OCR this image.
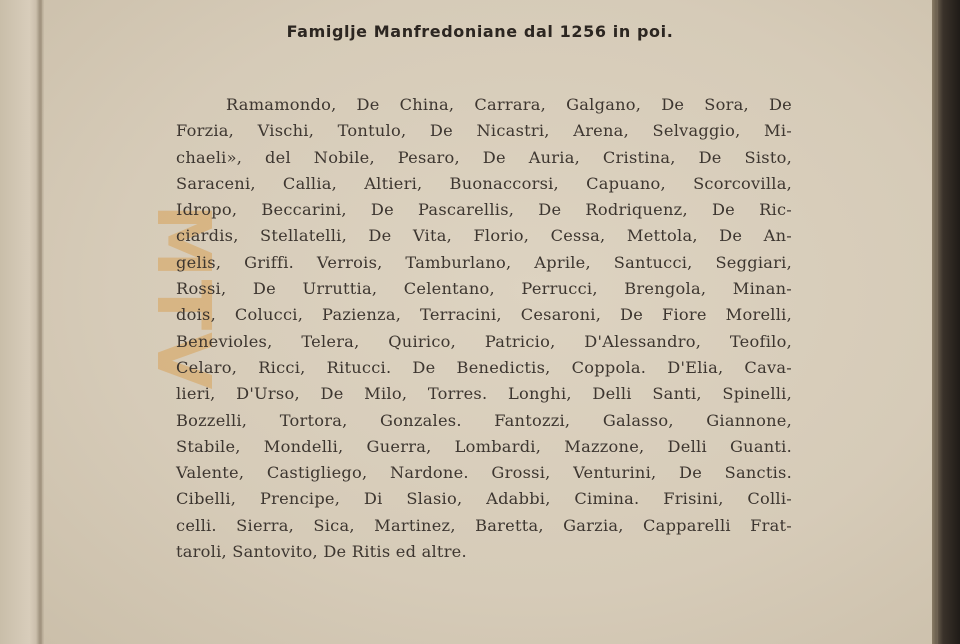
Famiglje Manfredoniane dal 1256 in poi.
MTV
Ramamondo, De China, Carrara, Galgano, De Sora, De
Forzia, Vischi, Tontulo, De Nicastri, Arena, Selvaggio, Mi-
chaeli», del Nobile, Pesaro, De Auria, Cristina, De Sisto,
Saraceni, Callia, Altieri, Buonaccorsi, Capuano, Scorcovilla,
Idropo, Beccarini, De Pascarellis, De Rodriquenz, De Ric-
ciardis, Stellatelli, De Vita, Florio, Cessa, Mettola, De An-
gelis, Griffi. Verrois, Tamburlano, Aprile, Santucci, Seggiari,
Rossi, De Urruttia, Celentano, Perrucci, Brengola, Minan-
dois, Colucci, Pazienza, Terracini, Cesaroni, De Fiore Morelli,
Benevioles, Telera, Quirico, Patricio, D'Alessandro, Teofilo,
Celaro, Ricci, Ritucci. De Benedictis, Coppola. D'Elia, Cava-
lieri, D'Urso, De Milo, Torres. Longhi, Delli Santi, Spinelli,
Bozzelli, Tortora, Gonzales. Fantozzi, Galasso, Giannone,
Stabile, Mondelli, Guerra, Lombardi, Mazzone, Delli Guanti.
Valente, Castigliego, Nardone. Grossi, Venturini, De Sanctis.
Cibelli, Prencipe, Di Slasio, Adabbi, Cimina. Frisini, Colli-
celli. Sierra, Sica, Martinez, Baretta, Garzia, Capparelli Frat-
taroli, Santovito, De Ritis ed altre.
